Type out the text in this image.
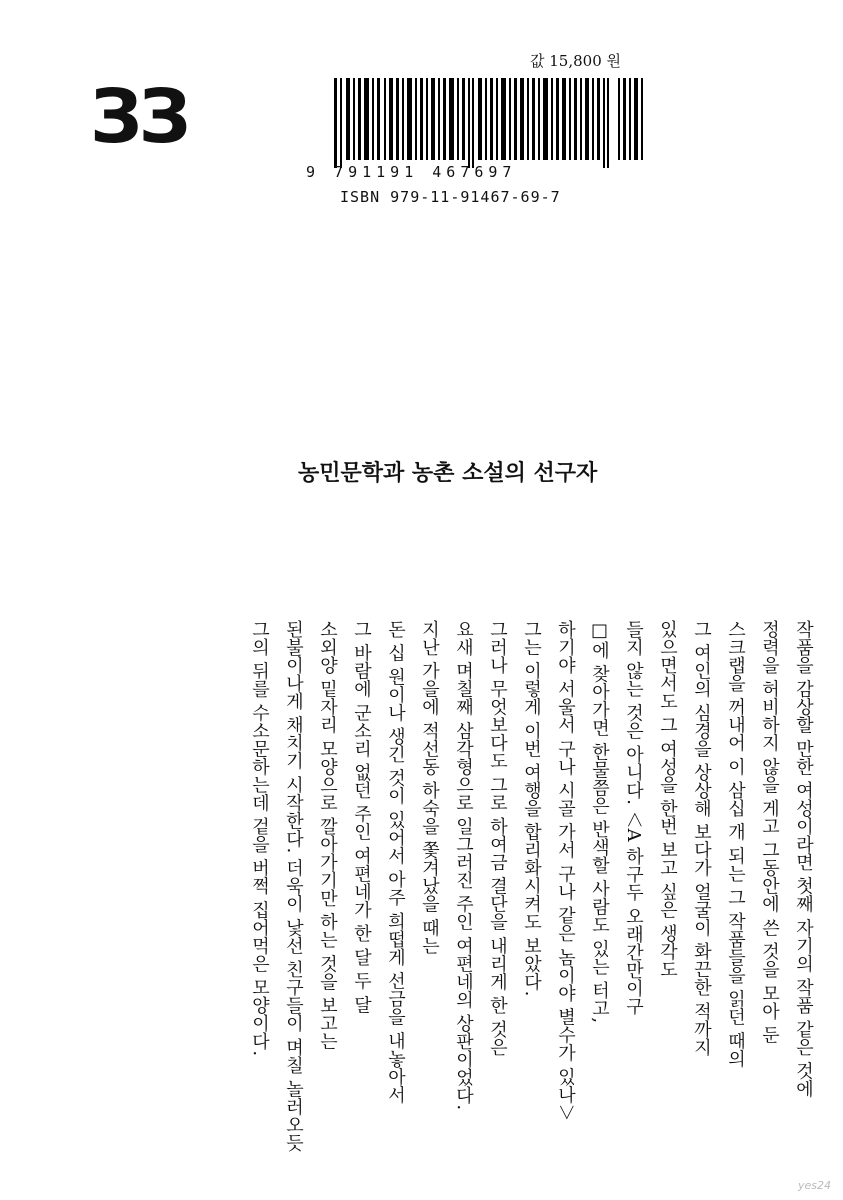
ЗЗ
값 15,800 원
9 791191 467697
ISBN 979-11-91467-69-7
농민문학과 농촌 소설의 선구자

작품을 감상할 만한 여성이라면 첫째 자기의 작품 같은 것에

정력을 허비하지 않을 게고 그동안에 쓴 것을 모아 둔

스크랩을 꺼내어 이 삼십 개 되는 그 작품들을 읽던 때의

그 여인의 심경을 상상해 보다가 얼굴이 화끈한 적까지

있으면서도 그 여성을 한번 보고 싶은 생각도

들지 않는 것은 아니다. ＜A 하구두 오래간만이구

□에 찾아가면 한물쯤은 반색할 사람도 있는 터고,

하기야 서울서 구나 시골 가서 구나 같은 놈이야 별수가 있나＞

그는 이렇게 이번 여행을 합리화시켜도 보았다.

그러나 무엇보다도 그로 하여금 결단을 내리게 한 것은

요새 며칠째 삼각형으로 일그러진 주인 여편네의 상판이었다.

지난 가을에 적선동 하숙을 쫓겨났을 때는

돈 십 원이나 생긴 것이 있어서 아주 희떱게 선금을 내놓아서

그 바람에 군소리 없던 주인 여편네가 한 달 두 달

소외양 밑자리 모양으로 깔아가기만 하는 것을 보고는

된불이나게 채치기 시작한다. 더욱이 낯선 친구들이 며칠 놀러오듯

그의 뒤를 수소문하는데 겉을 버쩍 집어먹은 모양이다.

yes24
